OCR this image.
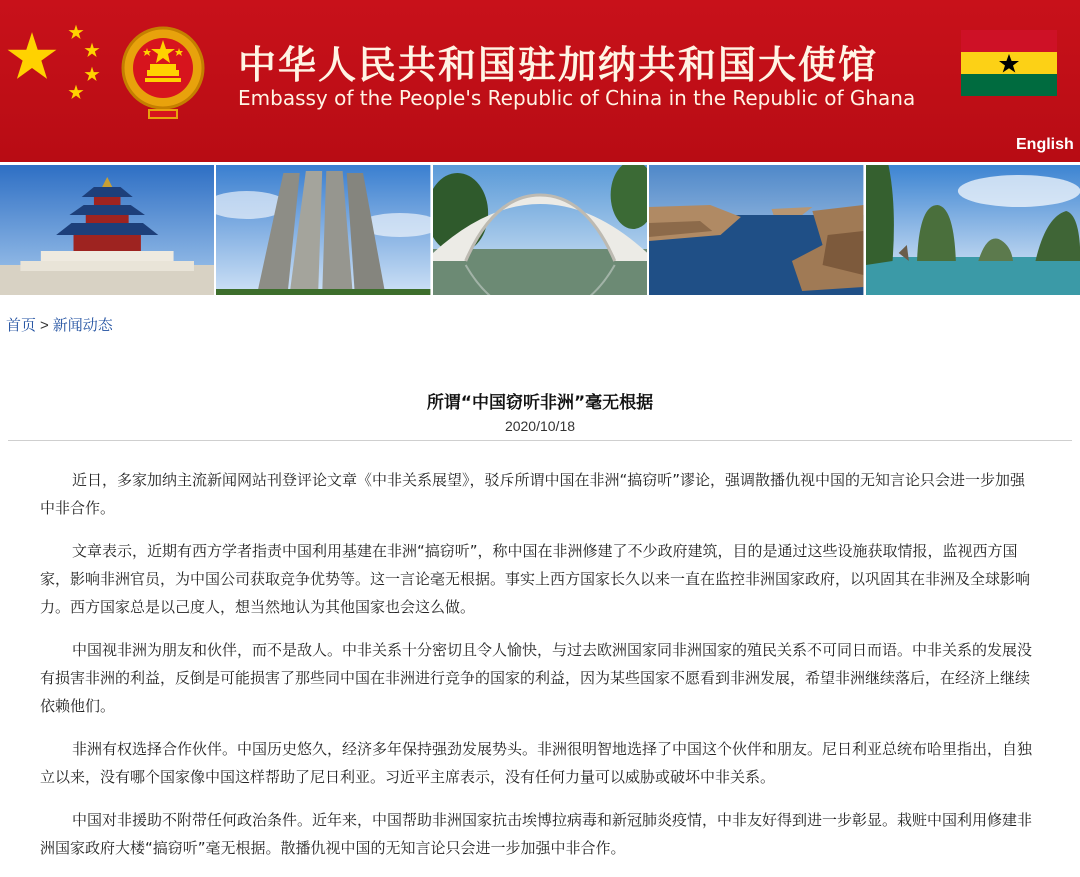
中华人民共和国驻加纳共和国大使馆
Embassy of the People's Republic of China in the Republic of Ghana
English
首页 > 新闻动态
所谓“中国窃听非洲”毫无根据
2020/10/18

近日，多家加纳主流新闻网站刊登评论文章《中非关系展望》，驳斥所谓中国在非洲“搞窃听”谬论，强调散播仇视中国的无知言论只会进一步加强中非合作。

文章表示，近期有西方学者指责中国利用基建在非洲“搞窃听”，称中国在非洲修建了不少政府建筑，目的是通过这些设施获取情报，监视西方国家，影响非洲官员，为中国公司获取竞争优势等。这一言论毫无根据。事实上西方国家长久以来一直在监控非洲国家政府，以巩固其在非洲及全球影响力。西方国家总是以己度人，想当然地认为其他国家也会这么做。

中国视非洲为朋友和伙伴，而不是敌人。中非关系十分密切且令人愉快，与过去欧洲国家同非洲国家的殖民关系不可同日而语。中非关系的发展没有损害非洲的利益，反倒是可能损害了那些同中国在非洲进行竞争的国家的利益，因为某些国家不愿看到非洲发展，希望非洲继续落后，在经济上继续依赖他们。

非洲有权选择合作伙伴。中国历史悠久，经济多年保持强劲发展势头。非洲很明智地选择了中国这个伙伴和朋友。尼日利亚总统布哈里指出，自独立以来，没有哪个国家像中国这样帮助了尼日利亚。习近平主席表示，没有任何力量可以威胁或破坏中非关系。

中国对非援助不附带任何政治条件。近年来，中国帮助非洲国家抗击埃博拉病毒和新冠肺炎疫情，中非友好得到进一步彰显。栽赃中国利用修建非洲国家政府大楼“搞窃听”毫无根据。散播仇视中国的无知言论只会进一步加强中非合作。
